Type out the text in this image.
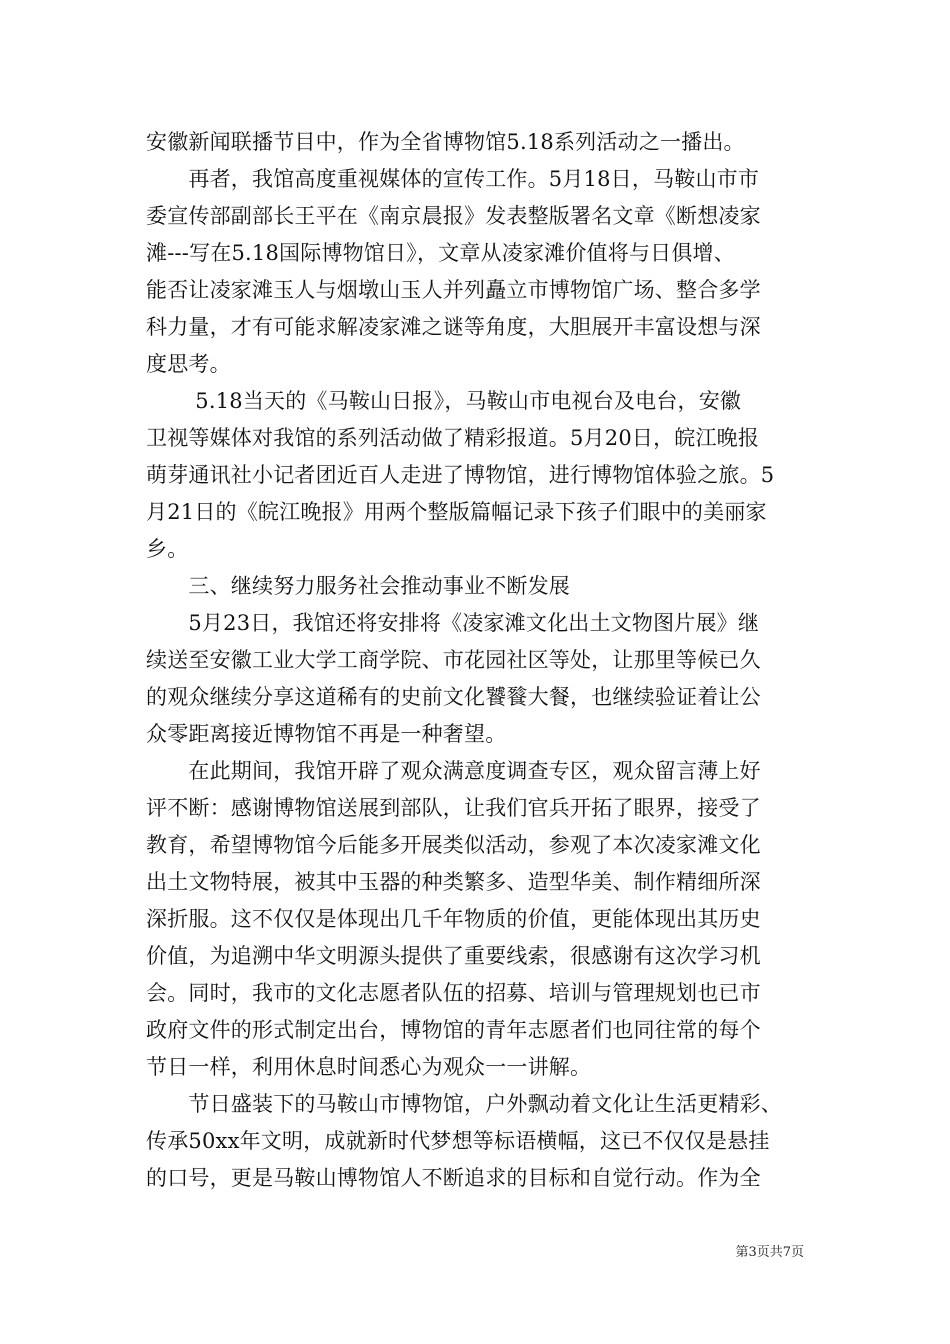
安徽新闻联播节目中，作为全省博物馆5.18系列活动之一播出。
　　再者，我馆高度重视媒体的宣传工作。5月18日，马鞍山市市
委宣传部副部长王平在《南京晨报》发表整版署名文章《断想凌家
滩---写在5.18国际博物馆日》，文章从凌家滩价值将与日俱增、
能否让凌家滩玉人与烟墩山玉人并列矗立市博物馆广场、整合多学
科力量，才有可能求解凌家滩之谜等角度，大胆展开丰富设想与深
度思考。
　　 5.18当天的《马鞍山日报》，马鞍山市电视台及电台，安徽
卫视等媒体对我馆的系列活动做了精彩报道。5月20日，皖江晚报
萌芽通讯社小记者团近百人走进了博物馆，进行博物馆体验之旅。5
月21日的《皖江晚报》用两个整版篇幅记录下孩子们眼中的美丽家
乡。
　　三、继续努力服务社会推动事业不断发展
　　5月23日，我馆还将安排将《凌家滩文化出土文物图片展》继
续送至安徽工业大学工商学院、市花园社区等处，让那里等候已久
的观众继续分享这道稀有的史前文化饕餮大餐，也继续验证着让公
众零距离接近博物馆不再是一种奢望。
　　在此期间，我馆开辟了观众满意度调查专区，观众留言薄上好
评不断：感谢博物馆送展到部队，让我们官兵开拓了眼界，接受了
教育，希望博物馆今后能多开展类似活动，参观了本次凌家滩文化
出土文物特展，被其中玉器的种类繁多、造型华美、制作精细所深
深折服。这不仅仅是体现出几千年物质的价值，更能体现出其历史
价值，为追溯中华文明源头提供了重要线索，很感谢有这次学习机
会。同时，我市的文化志愿者队伍的招募、培训与管理规划也已市
政府文件的形式制定出台，博物馆的青年志愿者们也同往常的每个
节日一样，利用休息时间悉心为观众一一讲解。
　　节日盛装下的马鞍山市博物馆，户外飘动着文化让生活更精彩、
传承50xx年文明，成就新时代梦想等标语横幅，这已不仅仅是悬挂
的口号，更是马鞍山博物馆人不断追求的目标和自觉行动。作为全
第3页共7页
